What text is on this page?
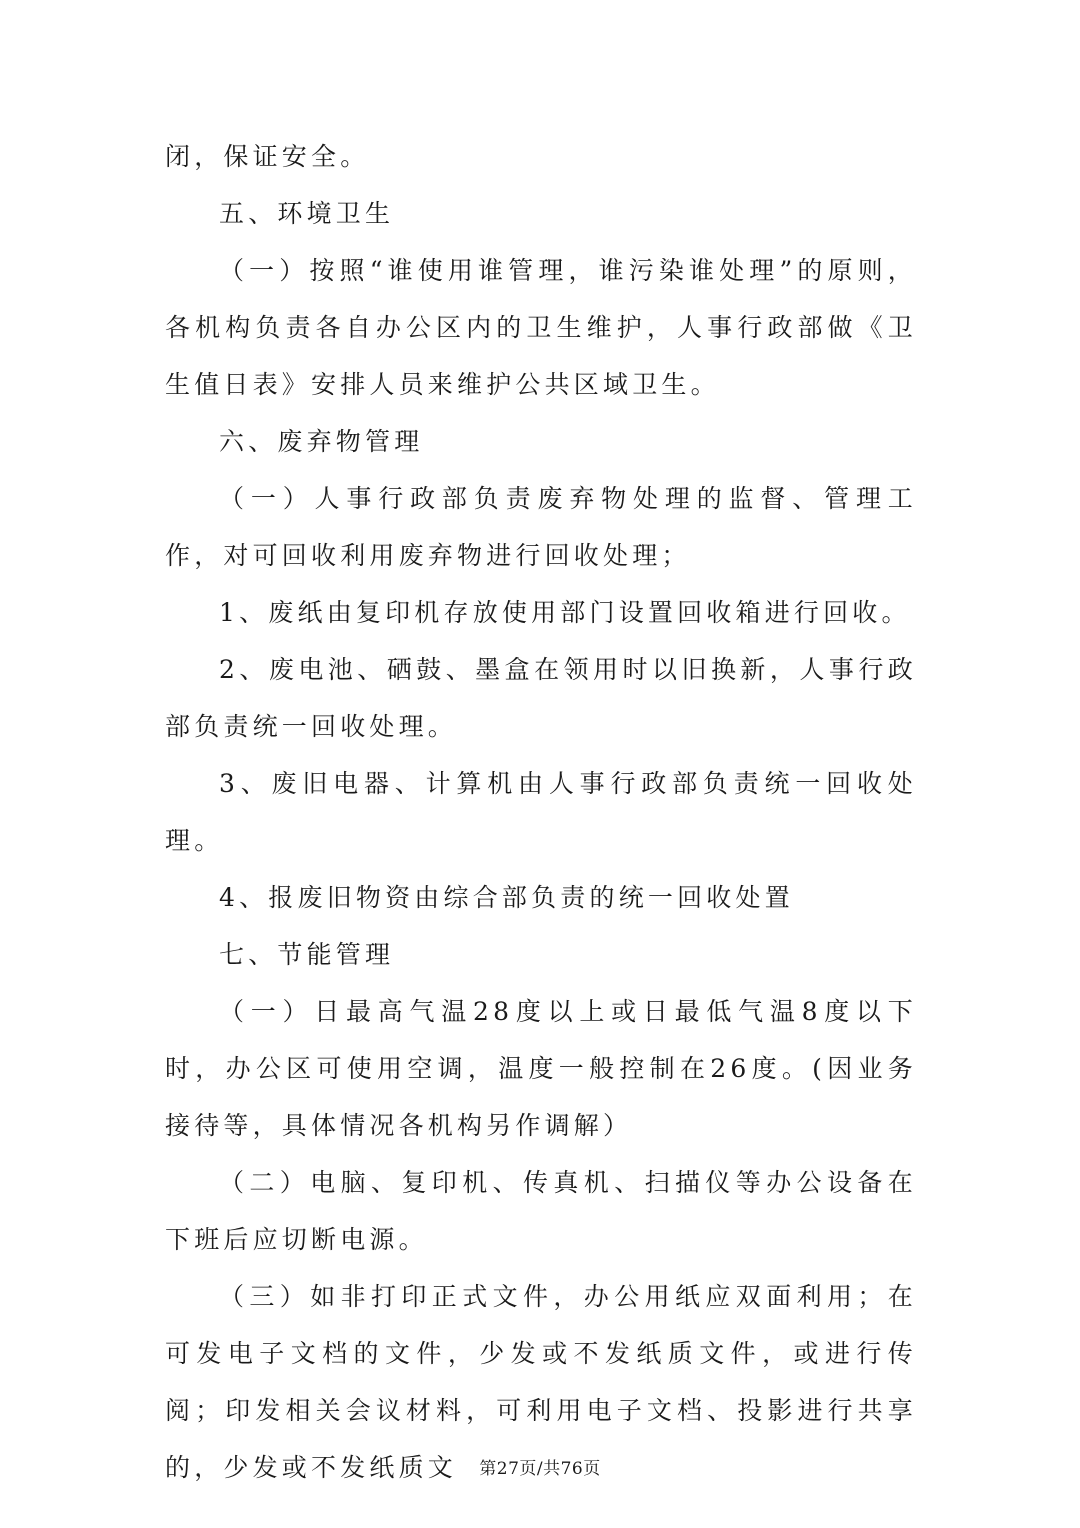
闭，保证安全。

五、环境卫生

（一）按照“谁使用谁管理，谁污染谁处理”的原则，各机构负责各自办公区内的卫生维护，人事行政部做《卫生值日表》安排人员来维护公共区域卫生。

六、废弃物管理

（一）人事行政部负责废弃物处理的监督、管理工作，对可回收利用废弃物进行回收处理；

1、废纸由复印机存放使用部门设置回收箱进行回收。

2、废电池、硒鼓、墨盒在领用时以旧换新，人事行政部负责统一回收处理。

3、废旧电器、计算机由人事行政部负责统一回收处理。

4、报废旧物资由综合部负责的统一回收处置

七、节能管理

（一）日最高气温28度以上或日最低气温8度以下时，办公区可使用空调，温度一般控制在26度。(因业务接待等，具体情况各机构另作调解）

（二）电脑、复印机、传真机、扫描仪等办公设备在下班后应切断电源。

（三）如非打印正式文件，办公用纸应双面利用；在可发电子文档的文件，少发或不发纸质文件，或进行传阅；印发相关会议材料，可利用电子文档、投影进行共享的，少发或不发纸质文	第27页/共76页
